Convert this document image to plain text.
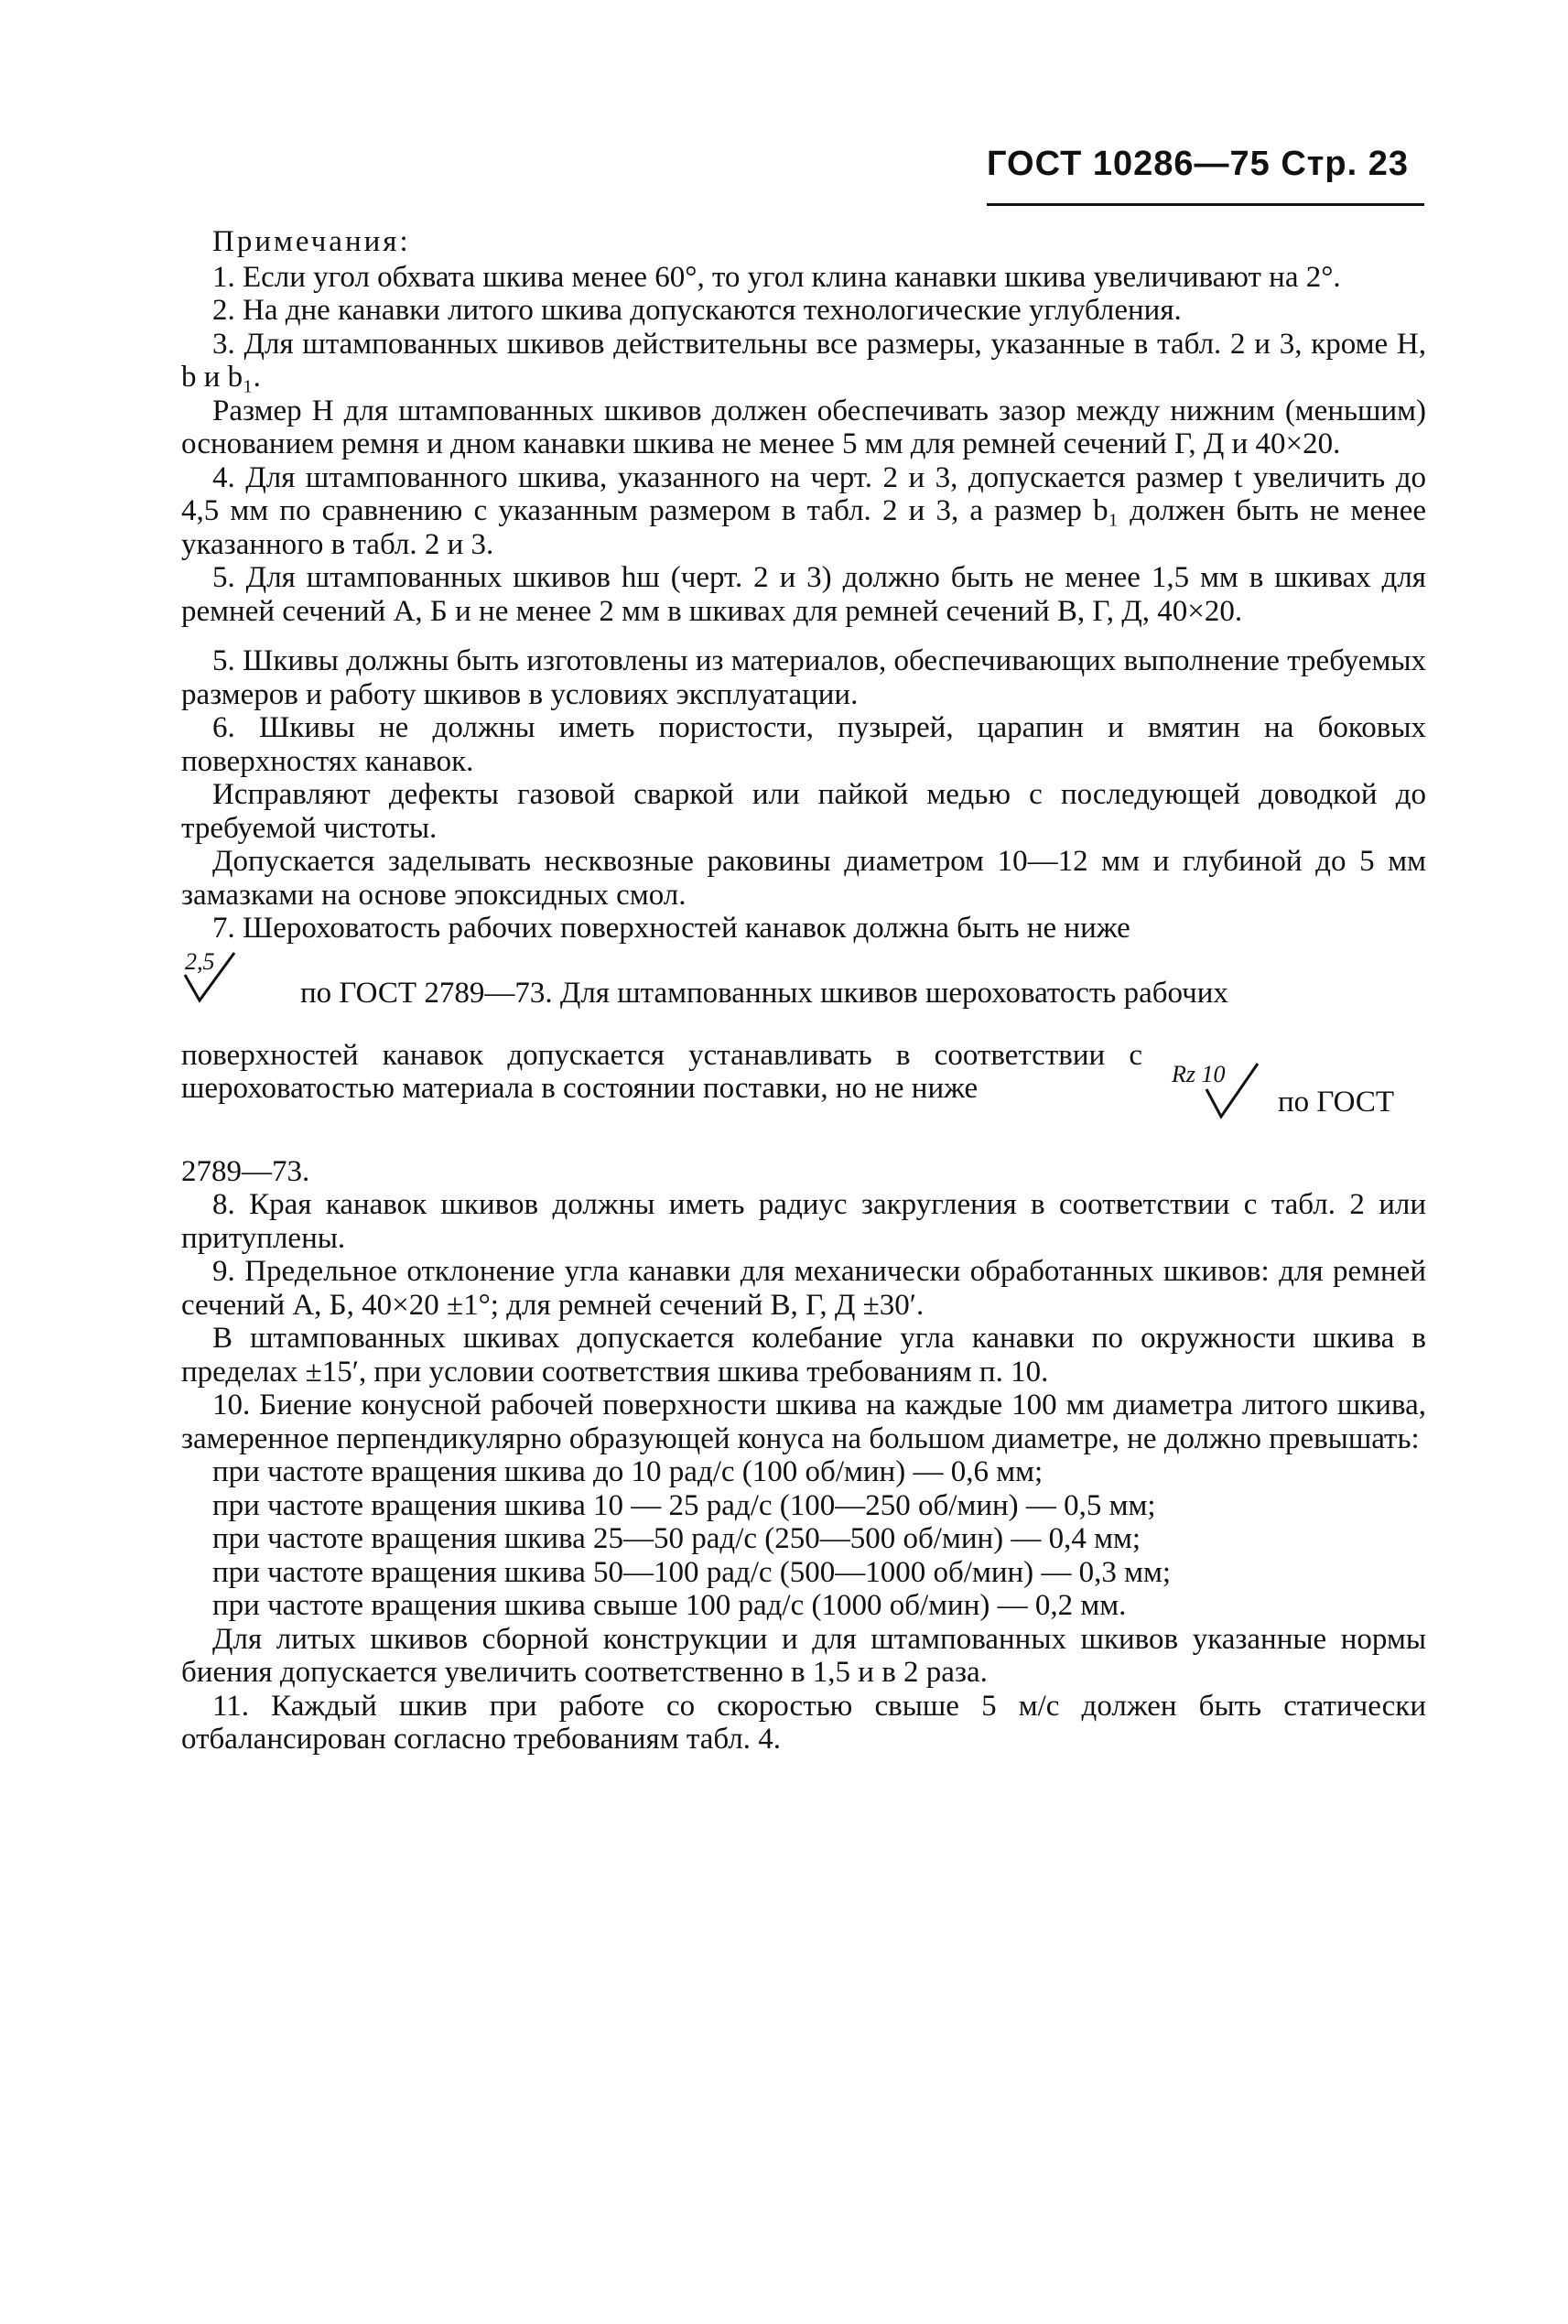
ГОСТ 10286—75 Стр. 23

Примечания:

1. Если угол обхвата шкива менее 60°, то угол клина канавки шкива увеличивают на 2°.

2. На дне канавки литого шкива допускаются технологические углубления.

3. Для штампованных шкивов действительны все размеры, указанные в табл. 2 и 3, кроме H, b и b₁.

Размер H для штампованных шкивов должен обеспечивать зазор между нижним (меньшим) основанием ремня и дном канавки шкива не менее 5 мм для ремней сечений Г, Д и 40×20.

4. Для штампованного шкива, указанного на черт. 2 и 3, допускается размер t увеличить до 4,5 мм по сравнению с указанным размером в табл. 2 и 3, а размер b₁ должен быть не менее указанного в табл. 2 и 3.

5. Для штампованных шкивов hш (черт. 2 и 3) должно быть не менее 1,5 мм в шкивах для ремней сечений А, Б и не менее 2 мм в шкивах для ремней сечений В, Г, Д, 40×20.

5. Шкивы должны быть изготовлены из материалов, обеспечивающих выполнение требуемых размеров и работу шкивов в условиях эксплуатации.

6. Шкивы не должны иметь пористости, пузырей, царапин и вмятин на боковых поверхностях канавок.

Исправляют дефекты газовой сваркой или пайкой медью с последующей доводкой до требуемой чистоты.

Допускается заделывать несквозные раковины диаметром 10—12 мм и глубиной до 5 мм замазками на основе эпоксидных смол.

7. Шероховатость рабочих поверхностей канавок должна быть не ниже

2,5
по ГОСТ 2789—73. Для штампованных шкивов шероховатость рабочих

поверхностей канавок допускается устанавливать в соответствии с шероховатостью материала в состоянии поставки, но не ниже	Rz 10
по ГОСТ

2789—73.

8. Края канавок шкивов должны иметь радиус закругления в соответствии с табл. 2 или притуплены.

9. Предельное отклонение угла канавки для механически обработанных шкивов: для ремней сечений А, Б, 40×20 ±1°; для ремней сечений В, Г, Д ±30′.

В штампованных шкивах допускается колебание угла канавки по окружности шкива в пределах ±15′, при условии соответствия шкива требованиям п. 10.

10. Биение конусной рабочей поверхности шкива на каждые 100 мм диаметра литого шкива, замеренное перпендикулярно образующей конуса на большом диаметре, не должно превышать:

при частоте вращения шкива до 10 рад/с (100 об/мин) — 0,6 мм;

при частоте вращения шкива 10 — 25 рад/с (100—250 об/мин) — 0,5 мм;

при частоте вращения шкива 25—50 рад/с (250—500 об/мин) — 0,4 мм;

при частоте вращения шкива 50—100 рад/с (500—1000 об/мин) — 0,3 мм;

при частоте вращения шкива свыше 100 рад/с (1000 об/мин) — 0,2 мм.

Для литых шкивов сборной конструкции и для штампованных шкивов указанные нормы биения допускается увеличить соответственно в 1,5 и в 2 раза.

11. Каждый шкив при работе со скоростью свыше 5 м/с должен быть статически отбалансирован согласно требованиям табл. 4.
